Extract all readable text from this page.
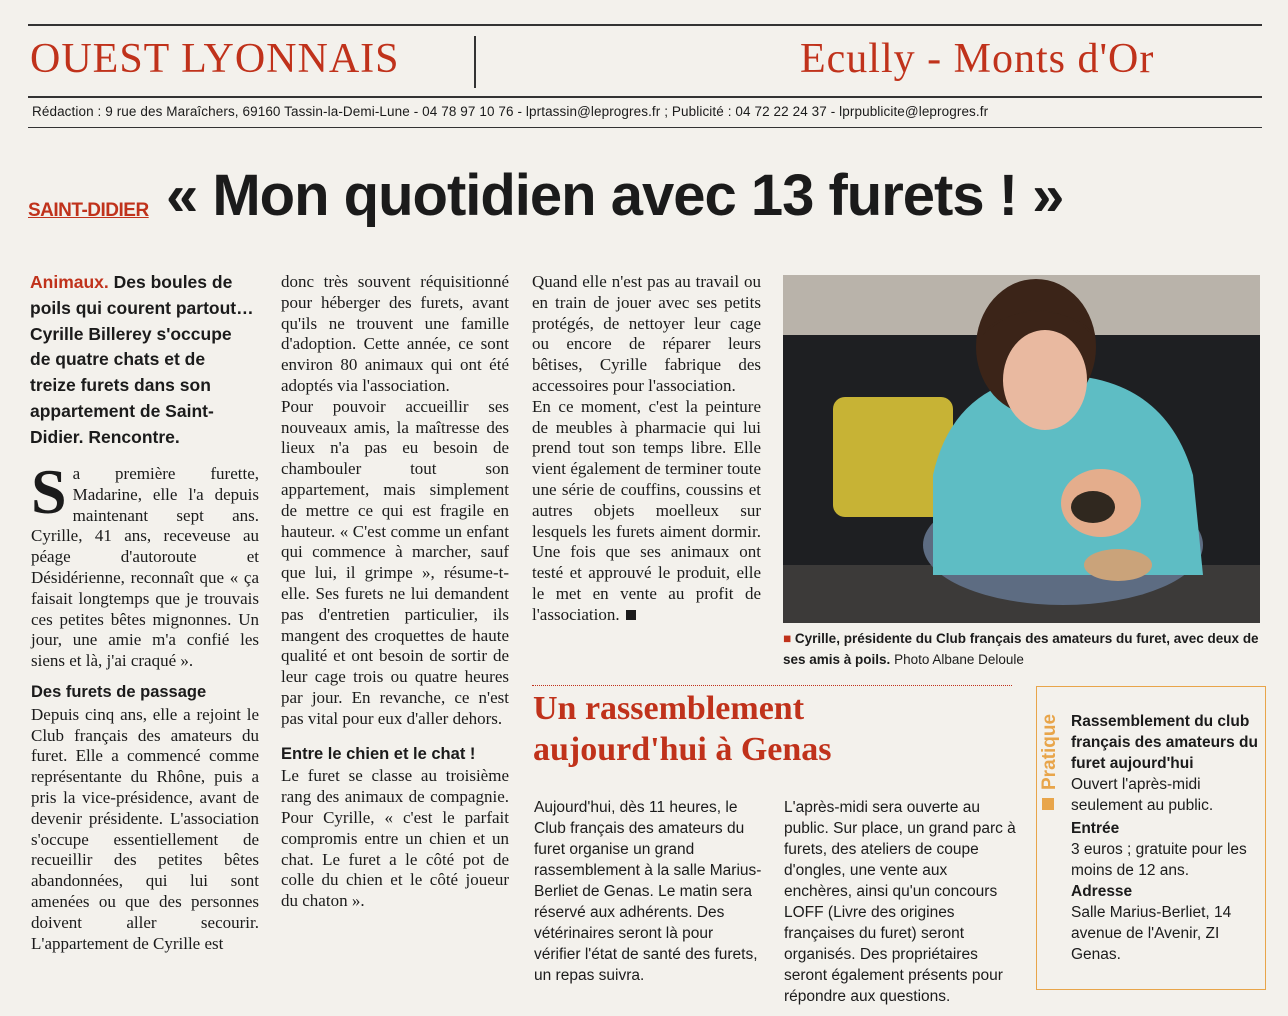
OUEST LYONNAIS	Ecully - Monts d'Or
Rédaction : 9 rue des Maraîchers, 69160 Tassin-la-Demi-Lune - 04 78 97 10 76 - lprtassin@leprogres.fr ; Publicité : 04 72 22 24 37 - lprpublicite@leprogres.fr
SAINT-DIDIER « Mon quotidien avec 13 furets ! »
Animaux. Des boules de poils qui courent partout… Cyrille Billerey s'occupe de quatre chats et de treize furets dans son appartement de Saint-Didier. Rencontre.

S a première furette, Madarine, elle l'a depuis maintenant sept ans. Cyrille, 41 ans, receveuse au péage d'autoroute et Désidérienne, reconnaît que « ça faisait longtemps que je trouvais ces petites bêtes mignonnes. Un jour, une amie m'a confié les siens et là, j'ai craqué ».

Des furets de passage

Depuis cinq ans, elle a rejoint le Club français des amateurs du furet. Elle a commencé comme représentante du Rhône, puis a pris la vice-présidence, avant de devenir présidente. L'association s'occupe essentiellement de recueillir des petites bêtes abandonnées, qui lui sont amenées ou que des personnes doivent aller secourir. L'appartement de Cyrille est

donc très souvent réquisitionné pour héberger des furets, avant qu'ils ne trouvent une famille d'adoption. Cette année, ce sont environ 80 animaux qui ont été adoptés via l'association.

Pour pouvoir accueillir ses nouveaux amis, la maîtresse des lieux n'a pas eu besoin de chambouler tout son appartement, mais simplement de mettre ce qui est fragile en hauteur. « C'est comme un enfant qui commence à marcher, sauf que lui, il grimpe », résume-t-elle. Ses furets ne lui demandent pas d'entretien particulier, ils mangent des croquettes de haute qualité et ont besoin de sortir de leur cage trois ou quatre heures par jour. En revanche, ce n'est pas vital pour eux d'aller dehors.

Entre le chien et le chat !

Le furet se classe au troisième rang des animaux de compagnie. Pour Cyrille, « c'est le parfait compromis entre un chien et un chat. Le furet a le côté pot de colle du chien et le côté joueur du chaton ».

Quand elle n'est pas au travail ou en train de jouer avec ses petits protégés, de nettoyer leur cage ou encore de réparer leurs bêtises, Cyrille fabrique des accessoires pour l'association.

En ce moment, c'est la peinture de meubles à pharmacie qui lui prend tout son temps libre. Elle vient également de terminer toute une série de couffins, coussins et autres objets moelleux sur lesquels les furets aiment dormir. Une fois que ses animaux ont testé et approuvé le produit, elle le met en vente au profit de l'association.

■ Cyrille, présidente du Club français des amateurs du furet, avec deux de ses amis à poils. Photo Albane Deloule
Un rassemblement aujourd'hui à Genas
Aujourd'hui, dès 11 heures, le Club français des amateurs du furet organise un grand rassemblement à la salle Marius-Berliet de Genas. Le matin sera réservé aux adhérents. Des vétérinaires seront là pour vérifier l'état de santé des furets, un repas suivra.
L'après-midi sera ouverte au public. Sur place, un grand parc à furets, des ateliers de coupe d'ongles, une vente aux enchères, ainsi qu'un concours LOFF (Livre des origines françaises du furet) seront organisés. Des propriétaires seront également présents pour répondre aux questions.
Pratique Rassemblement du club français des amateurs du furet aujourd'hui
Ouvert l'après-midi seulement au public.
Entrée
3 euros ; gratuite pour les moins de 12 ans.
Adresse
Salle Marius-Berliet, 14 avenue de l'Avenir, ZI Genas.
